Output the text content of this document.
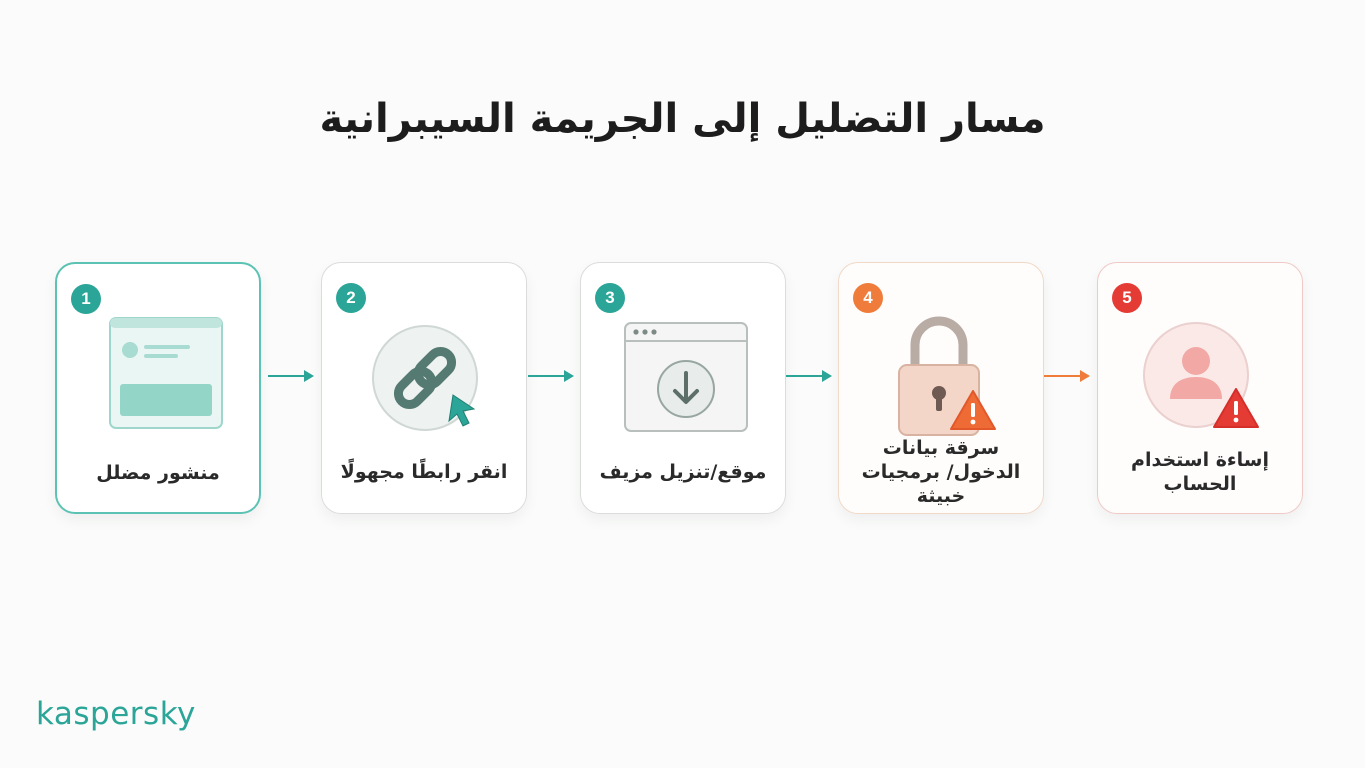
مسار التضليل إلى الجريمة السيبرانية
1
منشور مضلل
2
انقر رابطًا مجهولًا
3
موقع/تنزيل مزيف
4
سرقة بيانات الدخول/ برمجيات خبيثة
5
إساءة استخدام الحساب
kaspersky
